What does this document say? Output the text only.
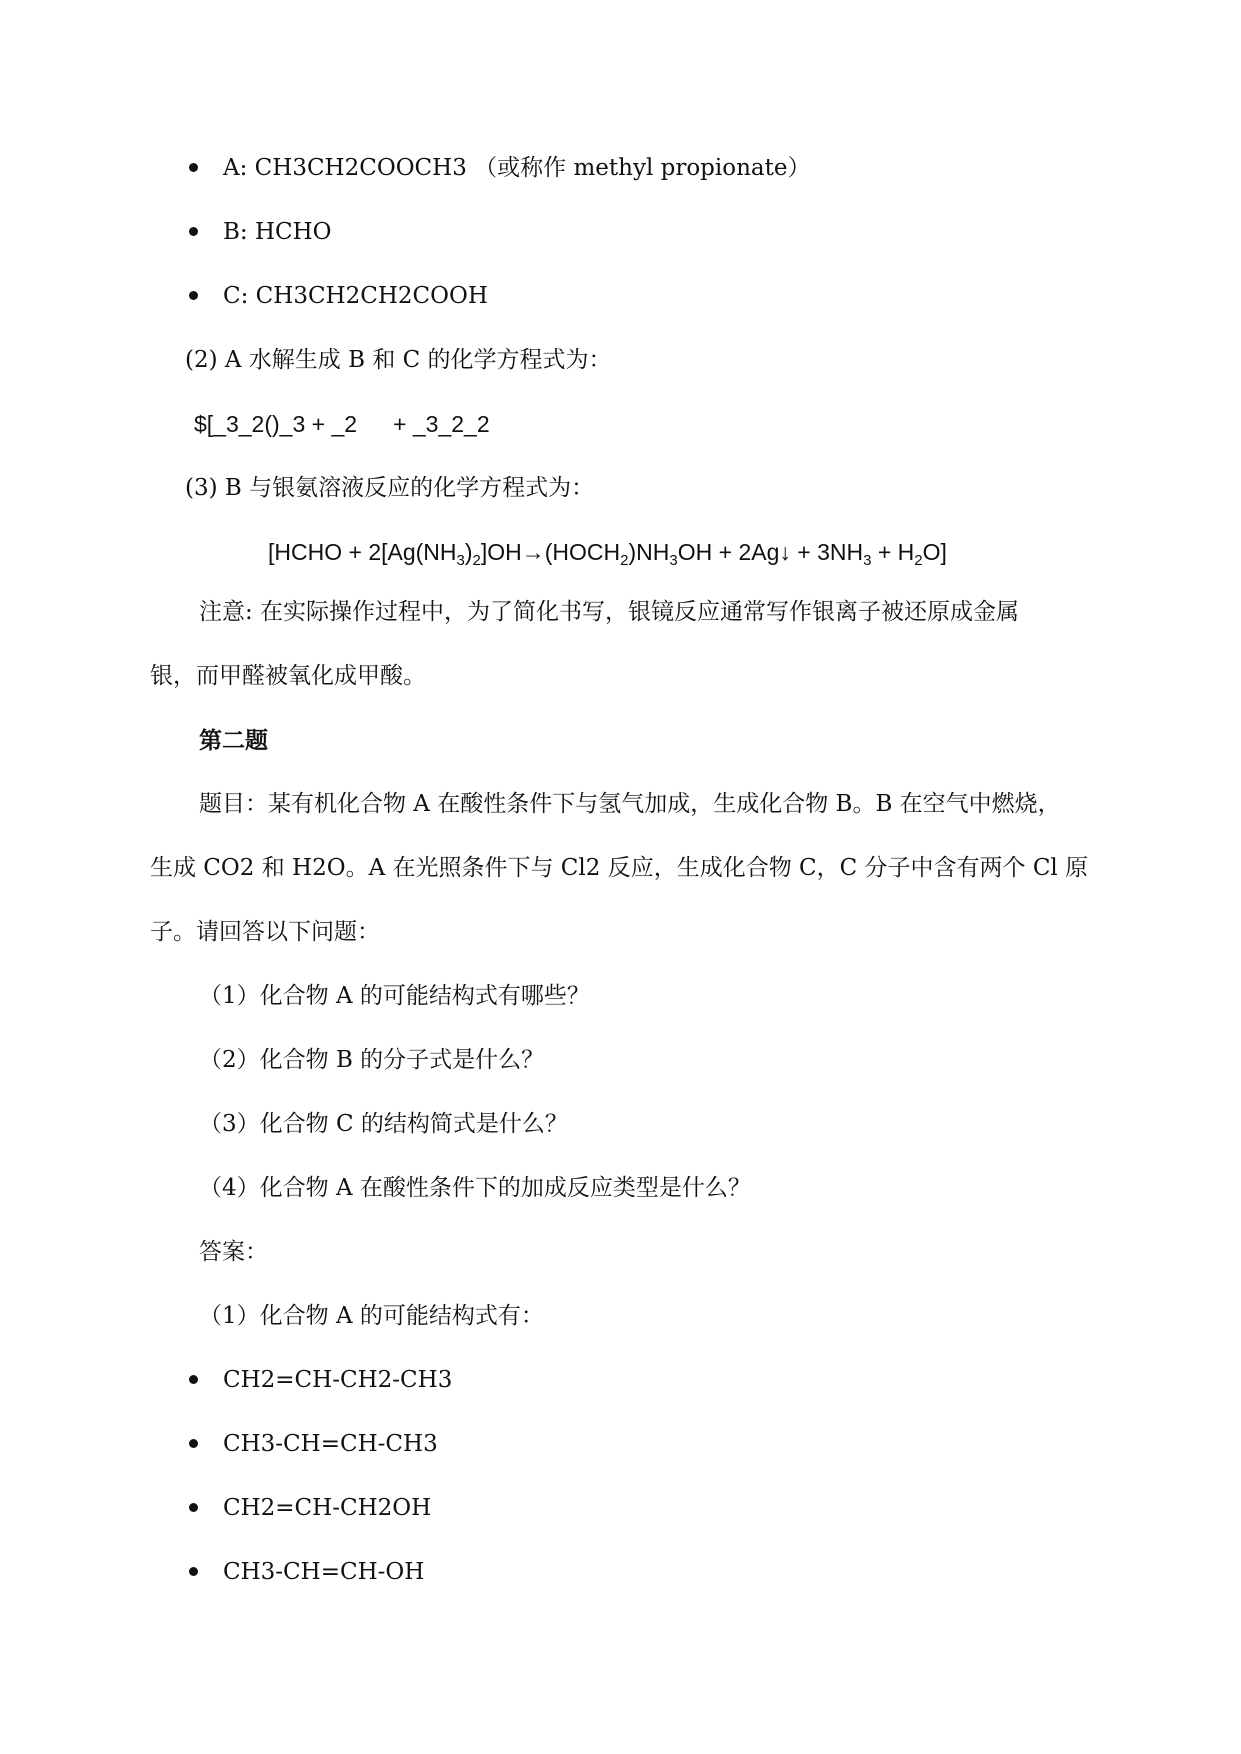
A: CH3CH2COOCH3 （或称作 methyl propionate）
B: HCHO
C: CH3CH2CH2COOH
(2) A 水解生成 B 和 C 的化学方程式为：
$[_3_2()_3 + _2 + _3_2_2
(3) B 与银氨溶液反应的化学方程式为：
[HCHO + $2[Ag(NH_3)_2]OH\to(HOCH_2)NH_3OH$ + 2Ag↓ + $3NH_3 + H_2O$]
注意: 在实际操作过程中，为了简化书写，银镜反应通常写作银离子被还原成金属
银，而甲醛被氧化成甲酸。
第二题
题目：某有机化合物 A 在酸性条件下与氢气加成，生成化合物 B。B 在空气中燃烧，
生成 CO2 和 H2O。A 在光照条件下与 Cl2 反应，生成化合物 C，C 分子中含有两个 Cl 原
子。请回答以下问题：
（1）化合物 A 的可能结构式有哪些？
（2）化合物 B 的分子式是什么？
（3）化合物 C 的结构简式是什么？
（4）化合物 A 在酸性条件下的加成反应类型是什么？
答案：
（1）化合物 A 的可能结构式有：
CH2=CH-CH2-CH3
CH3-CH=CH-CH3
CH2=CH-CH2OH
CH3-CH=CH-OH
